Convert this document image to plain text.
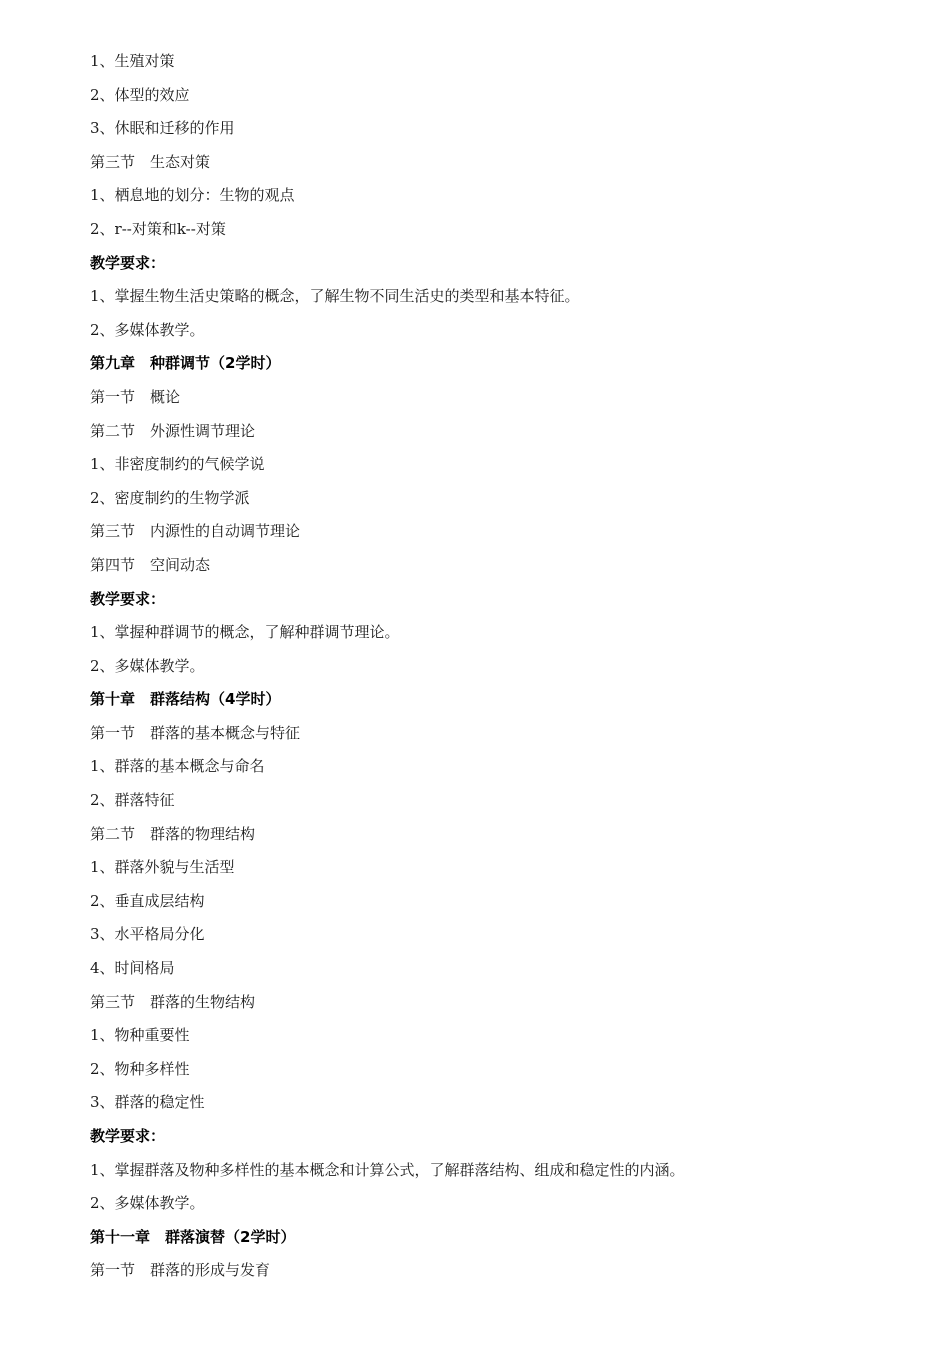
1、生殖对策
2、体型的效应
3、休眠和迁移的作用
第三节　生态对策
1、栖息地的划分：生物的观点
2、r--对策和k--对策
教学要求：
1、掌握生物生活史策略的概念，了解生物不同生活史的类型和基本特征。
2、多媒体教学。
第九章　种群调节（2学时）
第一节　概论
第二节　外源性调节理论
1、非密度制约的气候学说
2、密度制约的生物学派
第三节　内源性的自动调节理论
第四节　空间动态
教学要求：
1、掌握种群调节的概念，了解种群调节理论。
2、多媒体教学。
第十章　群落结构（4学时）
第一节　群落的基本概念与特征
1、群落的基本概念与命名
2、群落特征
第二节　群落的物理结构
1、群落外貌与生活型
2、垂直成层结构
3、水平格局分化
4、时间格局
第三节　群落的生物结构
1、物种重要性
2、物种多样性
3、群落的稳定性
教学要求：
1、掌握群落及物种多样性的基本概念和计算公式，了解群落结构、组成和稳定性的内涵。
2、多媒体教学。
第十一章　群落演替（2学时）
第一节　群落的形成与发育
